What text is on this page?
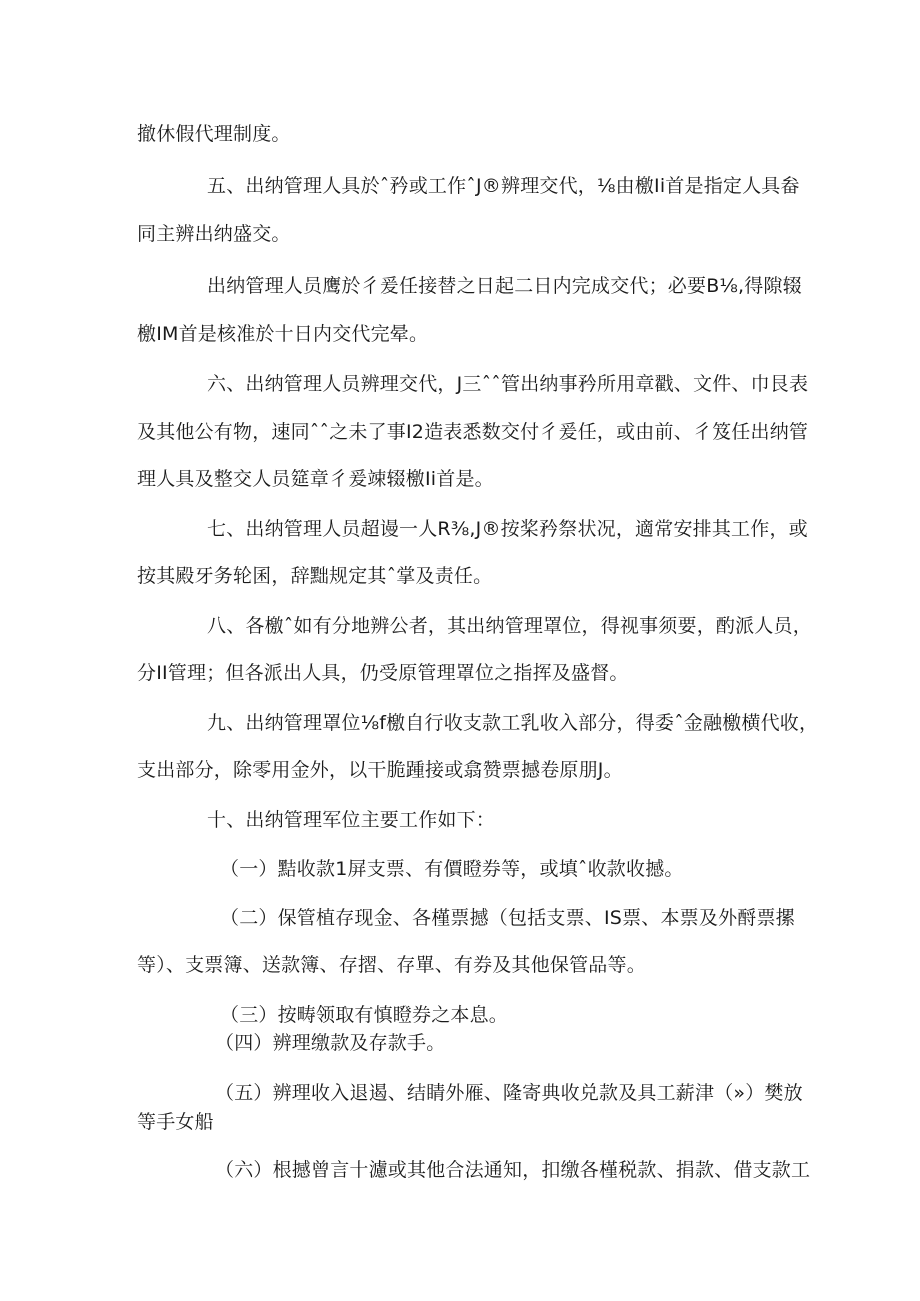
撤休假代理制度。
五、出纳管理人具於ˆ矜或工作ˆJ®辨理交代，⅛由檄Ii首是指定人具畚
同主辨出纳盛交。
出纳管理人员鹰於彳爰任接替之日起二日内完成交代；必要B⅛,得隙辍
檄IM首是核准於十日内交代完晕。
六、出纳管理人员辨理交代，J三ˆˆ管出纳事矜所用章戳、文件、巾艮表
及其他公有物，速同ˆˆ之未了事I2造表悉数交付彳爰任，或由前、彳笈任出纳管
理人具及整交人员筵章彳爰竦辍檄Ii首是。
七、出纳管理人员超谩一人R⅜,J®按桨矜祭状况，適常安排其工作，或
按其殿牙务轮囷，辞黜规定其ˆ掌及责任。
八、各檄ˆ如有分地辨公者，其出纳管理罩位，得视事须要，酌派人员，
分II管理；但各派出人具，仍受原管理罩位之指挥及盛督。
九、出纳管理罩位⅛f檄自行收支款工乳收入部分，得委ˆ金融檄横代收，
支出部分，除零用金外，以干脆踵接或翕赞票撼卷原朋J。
十、出纳管理军位主要工作如下：
（一）黠收款1屏支票、有價瞪券等，或填ˆ收款收撼。
（二）保管植存现金、各槿票撼（包括支票、IS票、本票及外酹票摞
等）、支票簿、送款簿、存摺、存單、有券及其他保管品等。
（三）按畴领取有慎瞪券之本息。
（四）辨理缴款及存款手。
（五）辨理收入退遏、结睛外雁、隆寄典收兑款及具工薪津（»）樊放
等手女船
（六）根撼曾言十濾或其他合法通知，扣缴各槿税款、捐款、借支款工
